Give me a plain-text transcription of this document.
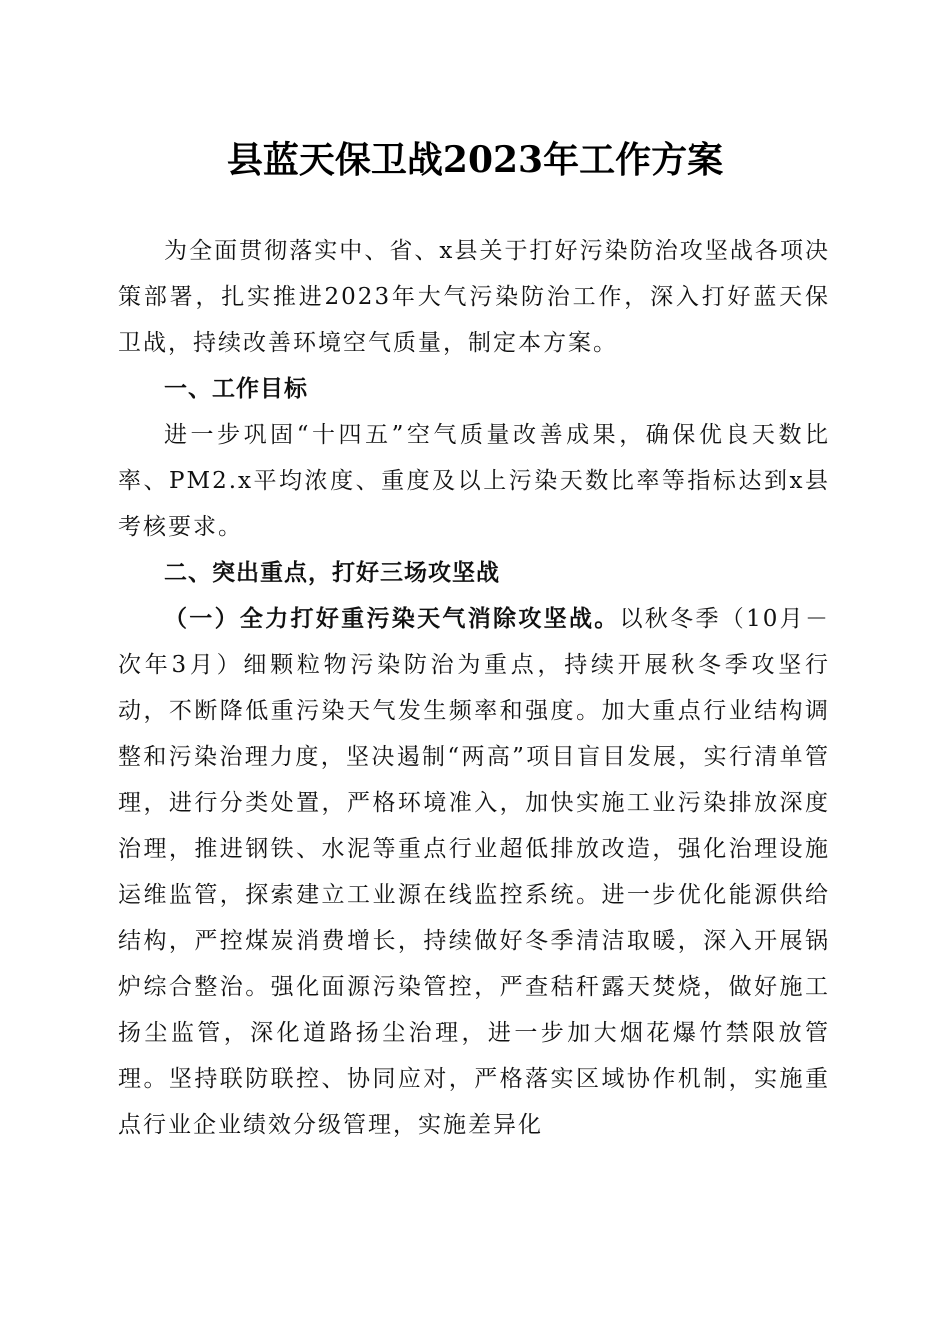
县蓝天保卫战2023年工作方案

为全面贯彻落实中、省、x县关于打好污染防治攻坚战各项决策部署，扎实推进2023年大气污染防治工作，深入打好蓝天保卫战，持续改善环境空气质量，制定本方案。

一、工作目标

进一步巩固“十四五”空气质量改善成果，确保优良天数比率、PM2.x平均浓度、重度及以上污染天数比率等指标达到x县考核要求。

二、突出重点，打好三场攻坚战

（一）全力打好重污染天气消除攻坚战。以秋冬季（10月－次年3月）细颗粒物污染防治为重点，持续开展秋冬季攻坚行动，不断降低重污染天气发生频率和强度。加大重点行业结构调整和污染治理力度，坚决遏制“两高”项目盲目发展，实行清单管理，进行分类处置，严格环境准入，加快实施工业污染排放深度治理，推进钢铁、水泥等重点行业超低排放改造，强化治理设施运维监管，探索建立工业源在线监控系统。进一步优化能源供给结构，严控煤炭消费增长，持续做好冬季清洁取暖，深入开展锅炉综合整治。强化面源污染管控，严查秸秆露天焚烧，做好施工扬尘监管，深化道路扬尘治理，进一步加大烟花爆竹禁限放管理。坚持联防联控、协同应对，严格落实区域协作机制，实施重点行业企业绩效分级管理，实施差异化
